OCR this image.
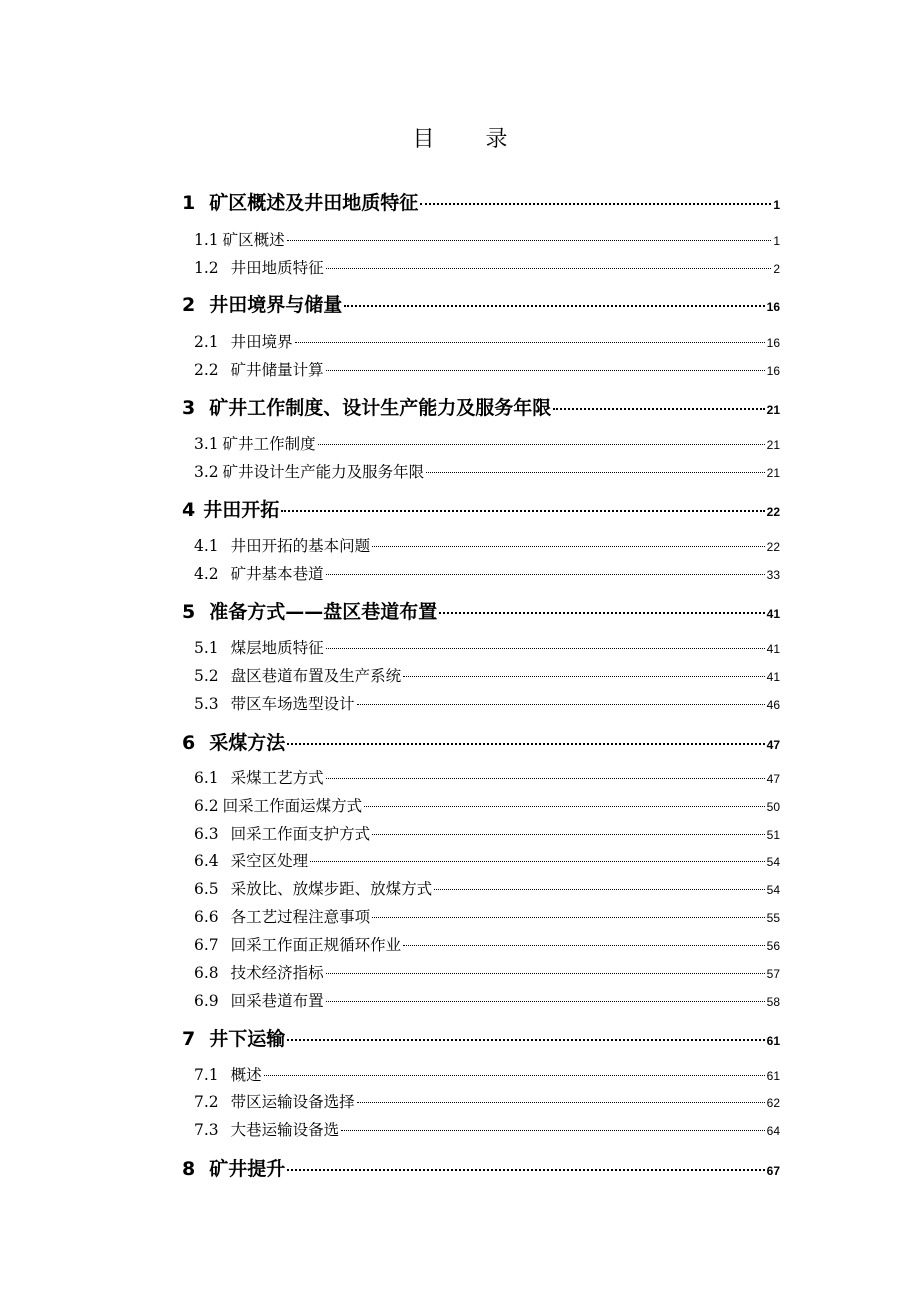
目 录
1 矿区概述及井田地质特征	1
1.1 矿区概述	1
1.2 井田地质特征	2
2 井田境界与储量	16
2.1 井田境界	16
2.2 矿井储量计算	16
3 矿井工作制度、设计生产能力及服务年限	21
3.1 矿井工作制度	21
3.2 矿井设计生产能力及服务年限	21
4 井田开拓	22
4.1 井田开拓的基本问题	22
4.2 矿井基本巷道	33
5 准备方式——盘区巷道布置	41
5.1 煤层地质特征	41
5.2 盘区巷道布置及生产系统	41
5.3 带区车场选型设计	46
6 采煤方法	47
6.1 采煤工艺方式	47
6.2 回采工作面运煤方式	50
6.3 回采工作面支护方式	51
6.4 采空区处理	54
6.5 采放比、放煤步距、放煤方式	54
6.6 各工艺过程注意事项	55
6.7 回采工作面正规循环作业	56
6.8 技术经济指标	57
6.9 回采巷道布置	58
7 井下运输	61
7.1 概述	61
7.2 带区运输设备选择	62
7.3 大巷运输设备选	64
8 矿井提升	67
